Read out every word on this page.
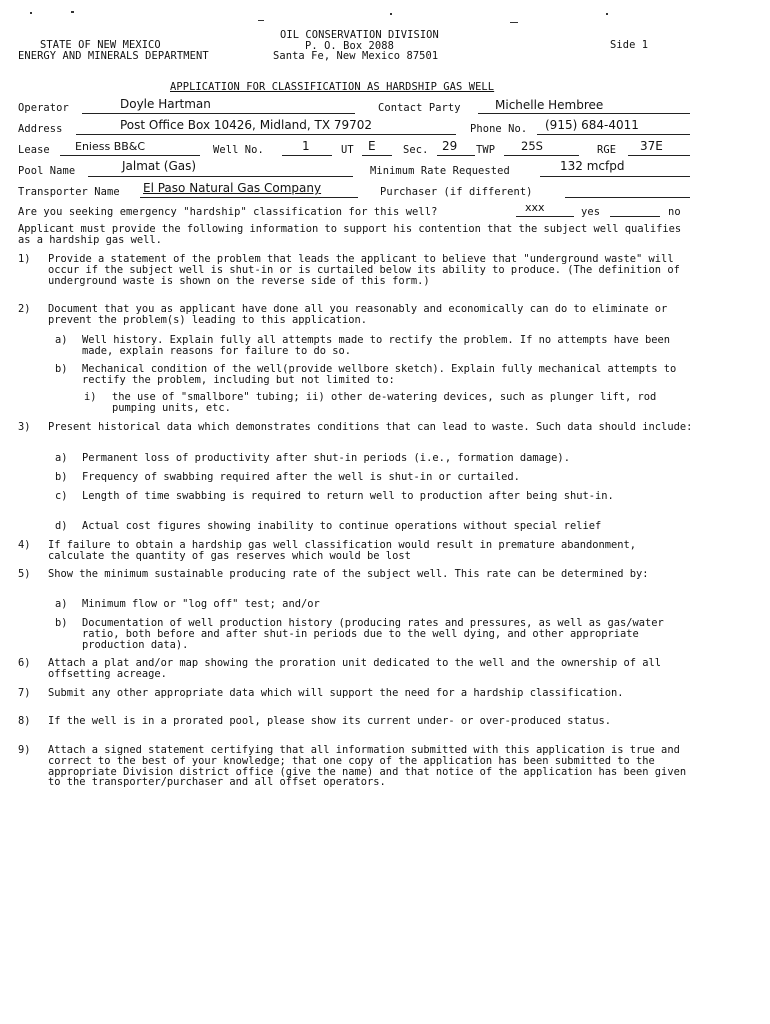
STATE OF NEW MEXICO
ENERGY AND MINERALS DEPARTMENT
OIL CONSERVATION DIVISION
P. O. Box 2088
Santa Fe, New Mexico 87501
Side 1
APPLICATION FOR CLASSIFICATION AS HARDSHIP GAS WELL
Operator	Doyle Hartman	Contact Party	Michelle Hembree
Address	Post Office Box 10426, Midland, TX 79702	Phone No. (915) 684-4011
Lease Eniess BB&C	Well No.	1	UT E	Sec. 29 TWP 25S	RGE 37E
Pool Name	Jalmat (Gas)	Minimum Rate Requested	132 mcfpd
Transporter Name El Paso Natural Gas Company	Purchaser (if different)
Are you seeking emergency "hardship" classification for this well?	xxx	yes	no
Applicant must provide the following information to support his contention that the subject well qualifies as a hardship gas well.
1) Provide a statement of the problem that leads the applicant to believe that "underground waste" will occur if the subject well is shut-in or is curtailed below its ability to produce. (The definition of underground waste is shown on the reverse side of this form.)
2) Document that you as applicant have done all you reasonably and economically can do to eliminate or prevent the problem(s) leading to this application.
a) Well history. Explain fully all attempts made to rectify the problem. If no attempts have been made, explain reasons for failure to do so.
b) Mechanical condition of the well(provide wellbore sketch). Explain fully mechanical attempts to rectify the problem, including but not limited to:
i) the use of "smallbore" tubing; ii) other de-watering devices, such as plunger lift, rod pumping units, etc.
3) Present historical data which demonstrates conditions that can lead to waste. Such data should include:
a) Permanent loss of productivity after shut-in periods (i.e., formation damage).
b) Frequency of swabbing required after the well is shut-in or curtailed.
c) Length of time swabbing is required to return well to production after being shut-in.
d) Actual cost figures showing inability to continue operations without special relief
4) If failure to obtain a hardship gas well classification would result in premature abandonment, calculate the quantity of gas reserves which would be lost
5) Show the minimum sustainable producing rate of the subject well. This rate can be determined by:
a) Minimum flow or "log off" test; and/or
b) Documentation of well production history (producing rates and pressures, as well as gas/water ratio, both before and after shut-in periods due to the well dying, and other appropriate production data).
6) Attach a plat and/or map showing the proration unit dedicated to the well and the ownership of all offsetting acreage.
7) Submit any other appropriate data which will support the need for a hardship classification.
8) If the well is in a prorated pool, please show its current under- or over-produced status.
9) Attach a signed statement certifying that all information submitted with this application is true and correct to the best of your knowledge; that one copy of the application has been submitted to the appropriate Division district office (give the name) and that notice of the application has been given to the transporter/purchaser and all offset operators.
